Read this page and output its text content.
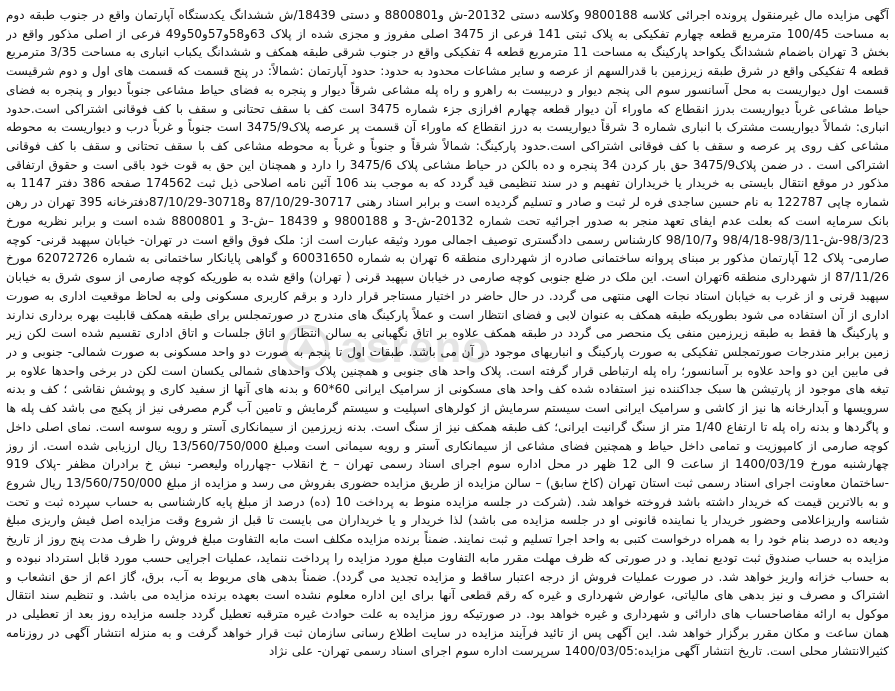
آگهی مزایده مال غیرمنقول پرونده اجرائی کلاسه 9800188 وکلاسه دستی 20132-ش و8800801 و دستی 18439/ش ششدانگ یکدستگاه آپارتمان واقع در جنوب طبقه دوم به مساحت 100/45 مترمربع قطعه چهارم تفکیکی به پلاک ثبتی 141 فرعی از 3475 اصلی مفروز و مجزی شده از پلاک 63و58و57و50و49 فرعی از اصلی مذکور واقع در بخش 3 تهران باضمام ششدانگ یکواحد پارکینگ به مساحت 11 مترمربع قطعه 4 تفکیکی واقع در جنوب شرقی طبقه همکف و ششدانگ یکباب انباری به مساحت 3/35 مترمربع قطعه 4 تفکیکی واقع در شرق طبقه زیرزمین با قدرالسهم از عرصه و سایر مشاعات محدود به حدود: حدود آپارتمان :شمالاً: در پنج قسمت که قسمت های اول و دوم شرقیست قسمت اول دیواریست به محل آسانسور سوم الی پنجم دیوار و دربیست به راهرو و راه پله مشاعی شرقاً دیوار و پنجره به فضای حیاط مشاعی جنوباً دیوار و پنجره به فضای حیاط مشاعی غرباً دیواریست بدرز انقطاع که ماوراء آن دیوار قطعه چهارم افرازی جزء شماره 3475 است کف با سقف تحتانی و سقف با کف فوقانی اشتراکی است.حدود انباری: شمالاً دیواریست مشترک با انباری شماره 3 شرقاً دیواریست به درز انقطاع که ماوراء آن قسمت پر عرصه پلاک3475/9 است جنوباً و غرباً درب و دیواریست به محوطه مشاعی کف روی پر عرصه و سقف با کف فوقانی اشتراکی است.حدود پارکینگ: شمالاً شرقاً و جنوباً و غرباً به محوطه مشاعی کف با سقف تحتانی و سقف با کف فوقانی اشتراکی است . در ضمن پلاک3475/9 حق بار کردن 34 پنجره و ده بالکن در حیاط مشاعی پلاک 3475/6 را دارد و همچنان این حق به قوت خود باقی است و حقوق ارتفاقی مذکور در موقع انتقال بایستی به خریدار یا خریداران تفهیم و در سند تنظیمی قید گردد که به موجب بند 106 آئین نامه اصلاحی ذیل ثبت 174562 صفحه 386 دفتر 1147 به شماره چاپی 122787 به نام حسین ساجدی فره لر ثبت و صادر و تسلیم گردیده است و برابر اسناد رهنی 30717-87/10/29 و30718-87/10/29دفترخانه 395 تهران در رهن بانک سرمایه است که بعلت عدم ایفای تعهد منجر به صدور اجرائیه تحت شماره 20132-ش-3 و 9800188 و 18439 –ش-3 و 8800801 شده است و برابر نظریه مورخ 98/3/23-ش-98/3/11-98/4/18 و98/10/7 کارشناس رسمی دادگستری توصیف اجمالی مورد وثیقه عبارت است از: ملک فوق واقع است در تهران- خیابان سپهبد قرنی- کوچه صارمی- پلاک 12 آپارتمان مذکور بر مبنای پروانه ساختمانی صادره از شهرداری منطقه 6 تهران به شماره 60031650 و گواهی پایانکار ساختمانی به شماره 62072726 مورخ 87/11/26 از شهرداری منطقه 6تهران است. این ملک در ضلع جنوبی کوچه صارمی در خیابان سپهبد قرنی ( تهران) واقع شده به طوریکه کوچه صارمی از سوی شرق به خیابان سپهبد قرنی و از غرب به خیابان استاد نجات الهی منتهی می گردد. در حال حاضر در اختیار مستاجر قرار دارد و برقم کاربری مسکونی ولی به لحاظ موقعیت اداری به صورت اداری از آن استفاده می شود بطوریکه طبقه همکف به عنوان لابی و فضای انتظار است و عملاً پارکینگ های مندرج در صورتمجلس برای طبقه همکف قابلیت بهره برداری ندارند و پارکینگ ها فقط به طبقه زیرزمین منفی یک منحصر می گردد در طبقه همکف علاوه بر اتاق نگهبانی به سالن انتظار و اتاق جلسات و اتاق اداری تقسیم شده است لکن زیر زمین برابر مندرجات صورتمجلس تفکیکی به صورت پارکینگ و انباریهای موجود در آن می باشد. طبقات اول تا پنجم به صورت دو واحد مسکونی به صورت شمالی- جنوبی و در فی مابین این دو واحد علاوه بر آسانسور؛ راه پله ارتباطی قرار گرفته است. پلاک واحد های جنوبی و همچنین پلاک واحدهای شمالی یکسان است لکن در برخی واحدها علاوه بر تیغه های موجود از پارتیشن ها سبک جداکننده نیز استفاده شده کف واحد های مسکونی از سرامیک ایرانی 60*60 و بدنه های آنها از سفید کاری و پوشش نقاشی ؛ کف و بدنه سرویسها و آبدارخانه ها نیز از کاشی و سرامیک ایرانی است سیستم سرمایش از کولرهای اسپلیت و سیستم گرمایش و تامین آب گرم مصرفی نیز از پکیج می باشد کف پله ها و پاگردها و بدنه راه پله تا ارتفاع 1/40 متر از سنگ گرانیت ایرانی؛ کف طبقه همکف نیز از سنگ است. بدنه زیرزمین از سیمانکاری آستر و رویه سوسه است. نمای اصلی داخل کوچه صارمی از کامپوزیت و تمامی داخل حیاط و همچنین فضای مشاعی از سیمانکاری آستر و رویه سیمانی است ومبلغ 13/560/750/000 ریال ارزیابی شده است. از روز چهارشنبه مورخ 1400/03/19 از ساعت 9 الی 12 ظهر در محل اداره سوم اجرای اسناد رسمی تهران – خ انقلاب -چهارراه ولیعصر- نبش خ برادران مظفر -پلاک 919 -ساختمان معاونت اجرای اسناد رسمی ثبت استان تهران (کاخ سابق) – سالن مزایده از طریق مزایده حضوری بفروش می رسد و مزایده از مبلغ 13/560/750/000 ریال شروع و به بالاترین قیمت که خریدار داشته باشد فروخته خواهد شد. (شرکت در جلسه مزایده منوط به پرداخت 10 (ده) درصد از مبلغ پایه کارشناسی به حساب سپرده ثبت و تحت شناسه واریزاعلامی وحضور خریدار یا نماینده قانونی او در جلسه مزایده می باشد) لذا خریدار و یا خریداران می بایست تا قبل از شروع وقت مزایده اصل فیش واریزی مبلغ ودیعه ده درصد بنام خود را به همراه درخواست کتبی به واحد اجرا تسلیم و ثبت نمایند. ضمناً برنده مزایده مکلف است مابه التفاوت مبلغ فروش را ظرف مدت پنج روز از تاریخ مزایده به حساب صندوق ثبت تودیع نماید. و در صورتی که ظرف مهلت مقرر مابه التفاوت مبلغ مورد مزایده را پرداخت ننماید، عملیات اجرایی حسب مورد قابل استرداد نبوده و به حساب خزانه واریز خواهد شد. در صورت عملیات فروش از درجه اعتبار ساقط و مزایده تجدید می گردد). ضمناً بدهی های مربوط به آب، برق، گاز اعم از حق انشعاب و اشتراک و مصرف و نیز بدهی های مالیاتی، عوارض شهرداری و غیره که رقم قطعی آنها برای این اداره معلوم نشده است بعهده برنده مزایده می باشد. و تنظیم سند انتقال موکول به ارائه مفاصاحساب های دارائی و شهرداری و غیره خواهد بود. در صورتیکه روز مزایده به علت حوادث غیره مترقبه تعطیل گردد جلسه مزایده روز بعد از تعطیلی در همان ساعت و مکان مقرر برگزار خواهد شد. این آگهی پس از تائید فرآیند مزایده در سایت اطلاع رسانی سازمان ثبت قرار خواهد گرفت و به منزله انتشار آگهی در روزنامه کثیرالانتشار محلی است. تاریخ انتشار آگهی مزایده:1400/03/05 سرپرست اداره سوم اجرای اسناد رسمی تهران- علی نژاد

asreno
